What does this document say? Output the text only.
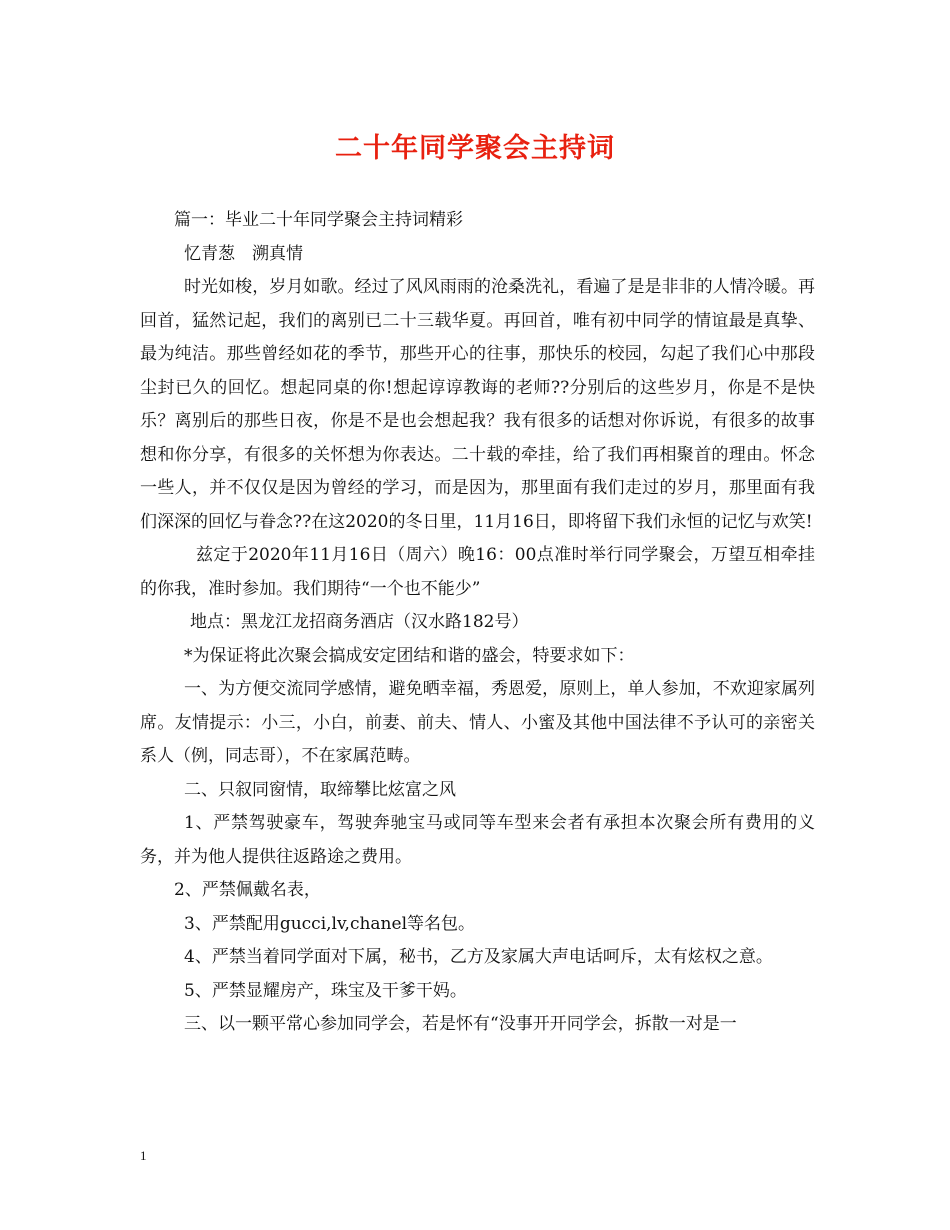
二十年同学聚会主持词

篇一：毕业二十年同学聚会主持词精彩

忆青葱　溯真情

时光如梭，岁月如歌。经过了风风雨雨的沧桑洗礼，看遍了是是非非的人情冷暖。再回首，猛然记起，我们的离别已二十三载华夏。再回首，唯有初中同学的情谊最是真挚、最为纯洁。那些曾经如花的季节，那些开心的往事，那快乐的校园，勾起了我们心中那段尘封已久的回忆。想起同桌的你!想起谆谆教诲的老师??分别后的这些岁月，你是不是快乐？离别后的那些日夜，你是不是也会想起我？我有很多的话想对你诉说，有很多的故事想和你分享，有很多的关怀想为你表达。二十载的牵挂，给了我们再相聚首的理由。怀念一些人，并不仅仅是因为曾经的学习，而是因为，那里面有我们走过的岁月，那里面有我们深深的回忆与眷念??在这2020的冬日里，11月16日，即将留下我们永恒的记忆与欢笑!

兹定于2020年11月16日（周六）晚16：00点准时举行同学聚会，万望互相牵挂的你我，准时参加。我们期待“一个也不能少”

地点：黑龙江龙招商务酒店（汉水路182号）

*为保证将此次聚会搞成安定团结和谐的盛会，特要求如下：

一、为方便交流同学感情，避免晒幸福，秀恩爱，原则上，单人参加，不欢迎家属列席。友情提示：小三，小白，前妻、前夫、情人、小蜜及其他中国法律不予认可的亲密关系人（例，同志哥），不在家属范畴。

二、只叙同窗情，取缔攀比炫富之风

1、严禁驾驶豪车，驾驶奔驰宝马或同等车型来会者有承担本次聚会所有费用的义务，并为他人提供往返路途之费用。

2、严禁佩戴名表，

3、严禁配用gucci,lv,chanel等名包。

4、严禁当着同学面对下属，秘书，乙方及家属大声电话呵斥，太有炫权之意。

5、严禁显耀房产，珠宝及干爹干妈。

三、以一颗平常心参加同学会，若是怀有“没事开开同学会，拆散一对是一

1
